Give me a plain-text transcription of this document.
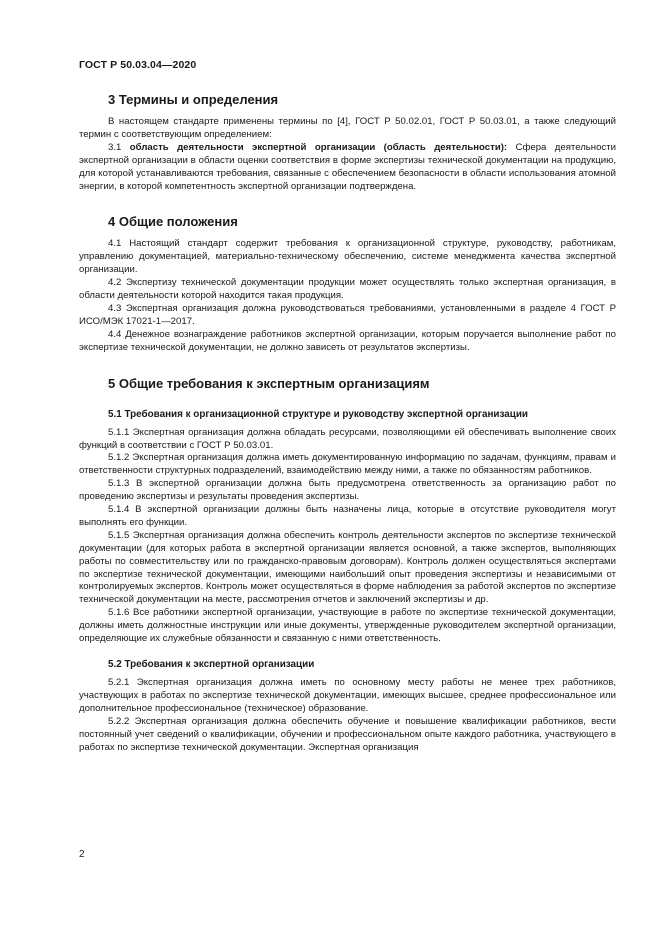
ГОСТ Р 50.03.04—2020
3 Термины и определения

В настоящем стандарте применены термины по [4], ГОСТ Р 50.02.01, ГОСТ Р 50.03.01, а также следующий термин с соответствующим определением:

3.1 область деятельности экспертной организации (область деятельности): Сфера деятельности экспертной организации в области оценки соответствия в форме экспертизы технической документации на продукцию, для которой устанавливаются требования, связанные с обеспечением безопасности в области использования атомной энергии, в которой компетентность экспертной организации подтверждена.

4 Общие положения

4.1 Настоящий стандарт содержит требования к организационной структуре, руководству, работникам, управлению документацией, материально-техническому обеспечению, системе менеджмента качества экспертной организации.

4.2 Экспертизу технической документации продукции может осуществлять только экспертная организация, в области деятельности которой находится такая продукция.

4.3 Экспертная организация должна руководствоваться требованиями, установленными в разделе 4 ГОСТ Р ИСО/МЭК 17021-1—2017.

4.4 Денежное вознаграждение работников экспертной организации, которым поручается выполнение работ по экспертизе технической документации, не должно зависеть от результатов экспертизы.

5 Общие требования к экспертным организациям
5.1 Требования к организационной структуре и руководству экспертной организации

5.1.1 Экспертная организация должна обладать ресурсами, позволяющими ей обеспечивать выполнение своих функций в соответствии с ГОСТ Р 50.03.01.

5.1.2 Экспертная организация должна иметь документированную информацию по задачам, функциям, правам и ответственности структурных подразделений, взаимодействию между ними, а также по обязанностям работников.

5.1.3 В экспертной организации должна быть предусмотрена ответственность за организацию работ по проведению экспертизы и результаты проведения экспертизы.

5.1.4 В экспертной организации должны быть назначены лица, которые в отсутствие руководителя могут выполнять его функции.

5.1.5 Экспертная организация должна обеспечить контроль деятельности экспертов по экспертизе технической документации (для которых работа в экспертной организации является основной, а также экспертов, выполняющих работы по совместительству или по гражданско-правовым договорам). Контроль должен осуществляться экспертами по экспертизе технической документации, имеющими наибольший опыт проведения экспертизы и независимыми от контролируемых экспертов. Контроль может осуществляться в форме наблюдения за работой экспертов по экспертизе технической документации на месте, рассмотрения отчетов и заключений экспертизы и др.

5.1.6 Все работники экспертной организации, участвующие в работе по экспертизе технической документации, должны иметь должностные инструкции или иные документы, утвержденные руководителем экспертной организации, определяющие их служебные обязанности и связанную с ними ответственность.

5.2 Требования к экспертной организации

5.2.1 Экспертная организация должна иметь по основному месту работы не менее трех работников, участвующих в работах по экспертизе технической документации, имеющих высшее, среднее профессиональное или дополнительное профессиональное (техническое) образование.

5.2.2 Экспертная организация должна обеспечить обучение и повышение квалификации работников, вести постоянный учет сведений о квалификации, обучении и профессиональном опыте каждого работника, участвующего в работах по экспертизе технической документации. Экспертная организация

2
